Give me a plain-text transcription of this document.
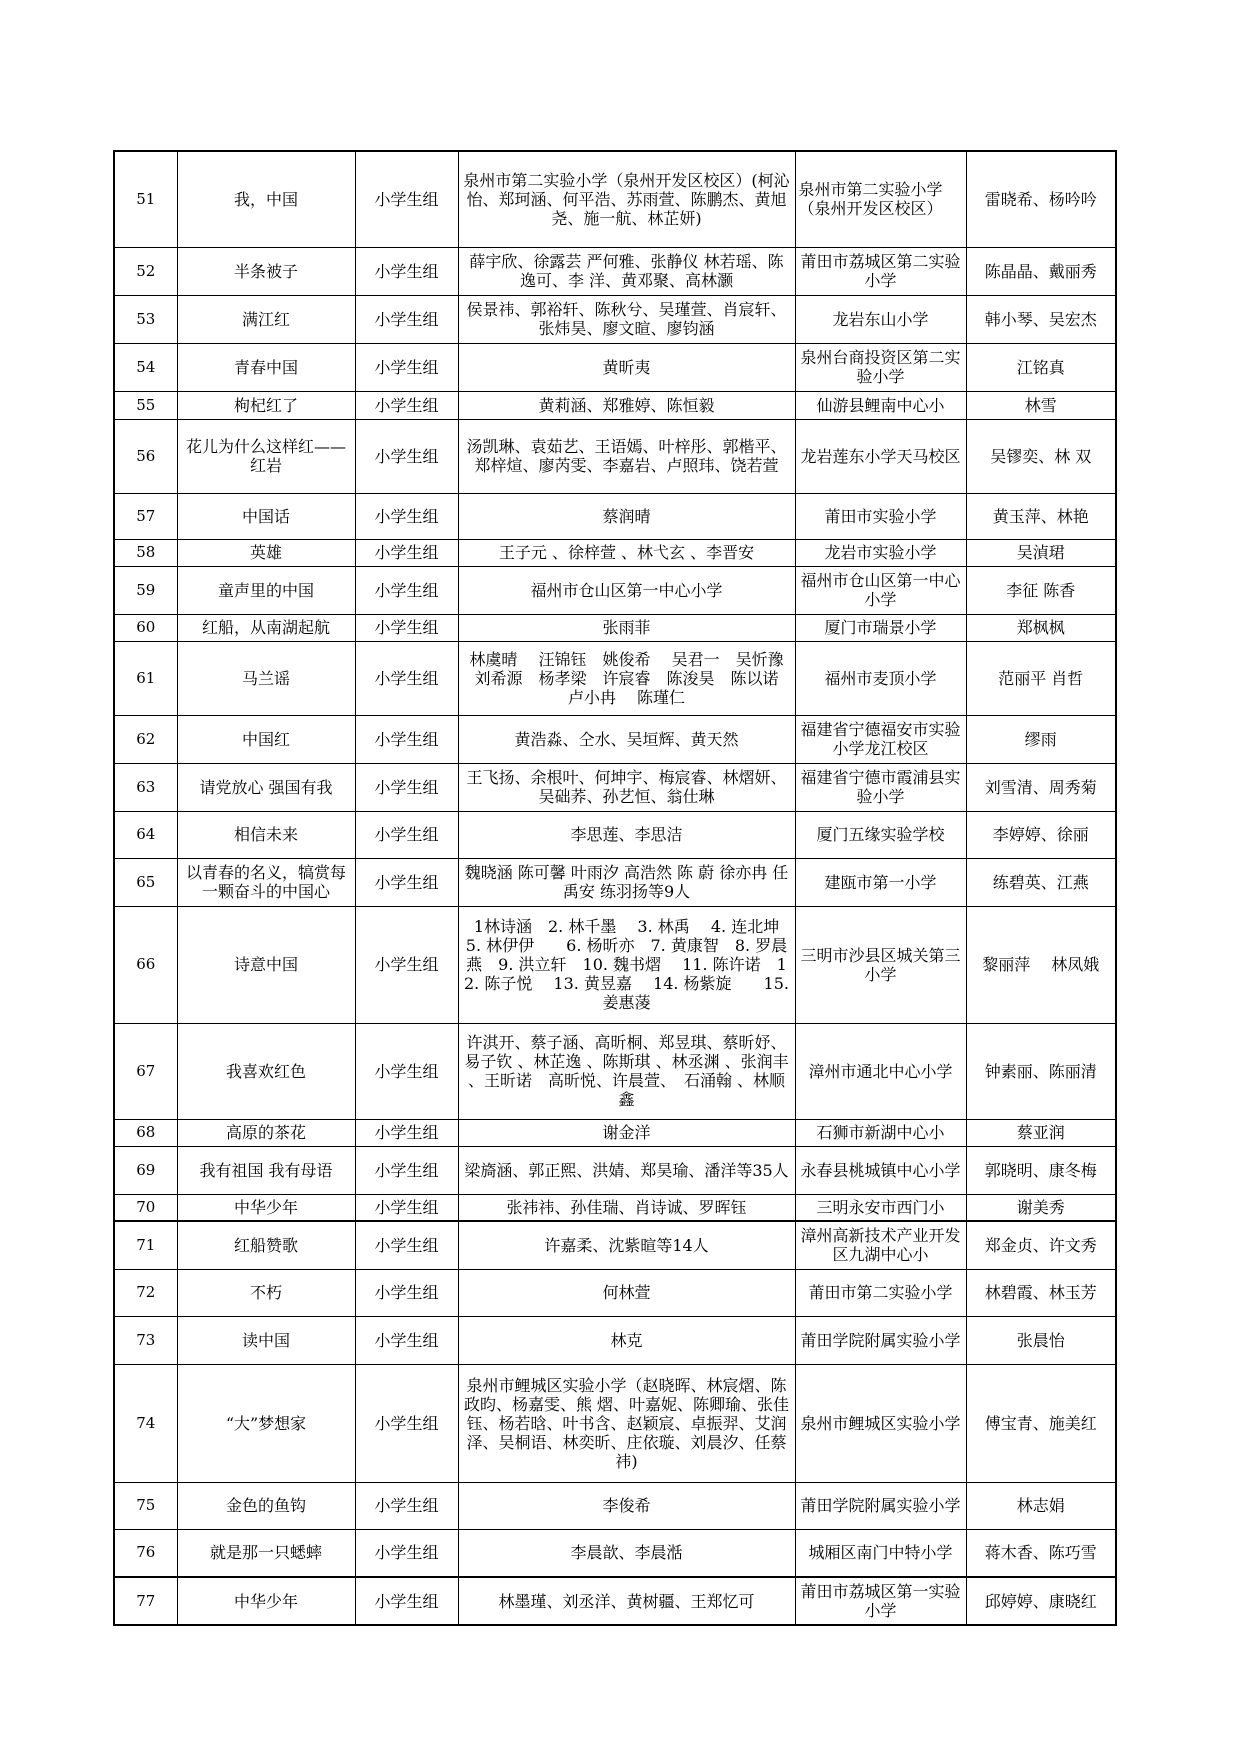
51	我，中国	小学生组	泉州市第二实验小学（泉州开发区校区）(柯沁怡、郑珂涵、何平浩、苏雨萱、陈鹏杰、黄旭尧、施一航、林芷妍)	泉州市第二实验小学（泉州开发区校区）	雷晓希、杨吟吟
52	半条被子	小学生组	薛宇欣、徐露芸 严何雅、张静仪 林若瑶、陈逸可、李 洋、黄邓聚、高林灏	莆田市荔城区第二实验小学	陈晶晶、戴丽秀
53	满江红	小学生组	侯景祎、郭裕轩、陈秋兮、吴瑾萱、肖宸轩、张炜昊、廖文暄、廖钧涵	龙岩东山小学	韩小琴、吴宏杰
54	青春中国	小学生组	黄昕夷	泉州台商投资区第二实验小学	江铭真
55	枸杞红了	小学生组	黄莉涵、郑雅婷、陈恒毅	仙游县鲤南中心小	林雪
56	花儿为什么这样红——红岩	小学生组	汤凯琳、袁茹艺、王语嫣、叶梓彤、郭楷平、郑梓煊、廖芮雯、李嘉岩、卢照玮、饶若萱	龙岩莲东小学天马校区	吴镠奕、林 双
57	中国话	小学生组	蔡润晴	莆田市实验小学	黄玉萍、林艳
58	英雄	小学生组	王子元 、徐梓萱 、林弋玄 、李晋安	龙岩市实验小学	吴湞珺
59	童声里的中国	小学生组	福州市仓山区第一中心小学	福州市仓山区第一中心小学	李征 陈香
60	红船，从南湖起航	小学生组	张雨菲	厦门市瑞景小学	郑枫枫
61	马兰谣	小学生组	林虞晴　 汪锦钰　姚俊希　 吴君一　吴忻豫　 刘希源　杨孝梁　许宸睿　陈浚昊　陈以诺　卢小冉　 陈瑾仁	福州市麦顶小学	范丽平 肖哲
62	中国红	小学生组	黄浩淼、仝水、吴垣辉、黄天然	福建省宁德福安市实验小学龙江校区	缪雨
63	请党放心 强国有我	小学生组	王飞扬、余根叶、何坤宇、梅宸睿、林熠妍、吴础荞、孙艺恒、翁仕琳	福建省宁德市霞浦县实验小学	刘雪清、周秀菊
64	相信未来	小学生组	李思莲、李思洁	厦门五缘实验学校	李婷婷、徐丽
65	以青春的名义，犒赏每一颗奋斗的中国心	小学生组	魏晓涵 陈可馨 叶雨汐 高浩然 陈 蔚 徐亦冉 任禹安 练羽扬等9人	建瓯市第一小学	练碧英、江燕
66	诗意中国	小学生组	1林诗涵　2. 林千墨　 3. 林禹　 4. 连北坤　 5. 林伊伊　　6. 杨昕亦　7. 黄康智　8. 罗晨燕　9. 洪立轩　10. 魏书熠　 11. 陈许诺　12. 陈子悦　 13. 黄昱嘉　 14. 杨紫旋　　15. 姜惠蓤	三明市沙县区城关第三小学	黎丽萍　 林凤娥
67	我喜欢红色	小学生组	许淇开、蔡子涵、高昕桐、郑昱琪、蔡昕妤、易子钦 、林芷逸 、陈斯琪 、林丞渊 、张润丰 、王昕诺　高昕悦、许晨萱、　石涌翰 、林顺鑫	漳州市通北中心小学	钟素丽、陈丽清
68	高原的茶花	小学生组	谢金洋	石狮市新湖中心小	蔡亚润
69	我有祖国 我有母语	小学生组	梁旖涵、郭正熙、洪婧、郑昊瑜、潘洋等35人	永春县桃城镇中心小学	郭晓明、康冬梅
70	中华少年	小学生组	张祎祎、孙佳瑞、肖诗诚、罗晖钰	三明永安市西门小	谢美秀
71	红船赞歌	小学生组	许嘉柔、沈紫暄等14人	漳州高新技术产业开发区九湖中心小	郑金贞、许文秀
72	不朽	小学生组	何林萱	莆田市第二实验小学	林碧霞、林玉芳
73	读中国	小学生组	林克	莆田学院附属实验小学	张晨怡
74	“大”梦想家	小学生组	泉州市鲤城区实验小学（赵晓晖、林宸熠、陈政昀、杨嘉雯、熊 熠、叶嘉妮、陈卿瑜、张佳钰、杨若晗、叶书含、赵颖宸、卓振羿、艾润泽、吴桐语、林奕昕、庄依璇、刘晨汐、任蔡祎)	泉州市鲤城区实验小学	傅宝青、施美红
75	金色的鱼钩	小学生组	李俊希	莆田学院附属实验小学	林志娟
76	就是那一只蟋蟀	小学生组	李晨歆、李晨湉	城厢区南门中特小学	蒋木香、陈巧雪
77	中华少年	小学生组	林墨瑾、刘丞洋、黄树疆、王郑忆可	莆田市荔城区第一实验小学	邱婷婷、康晓红
